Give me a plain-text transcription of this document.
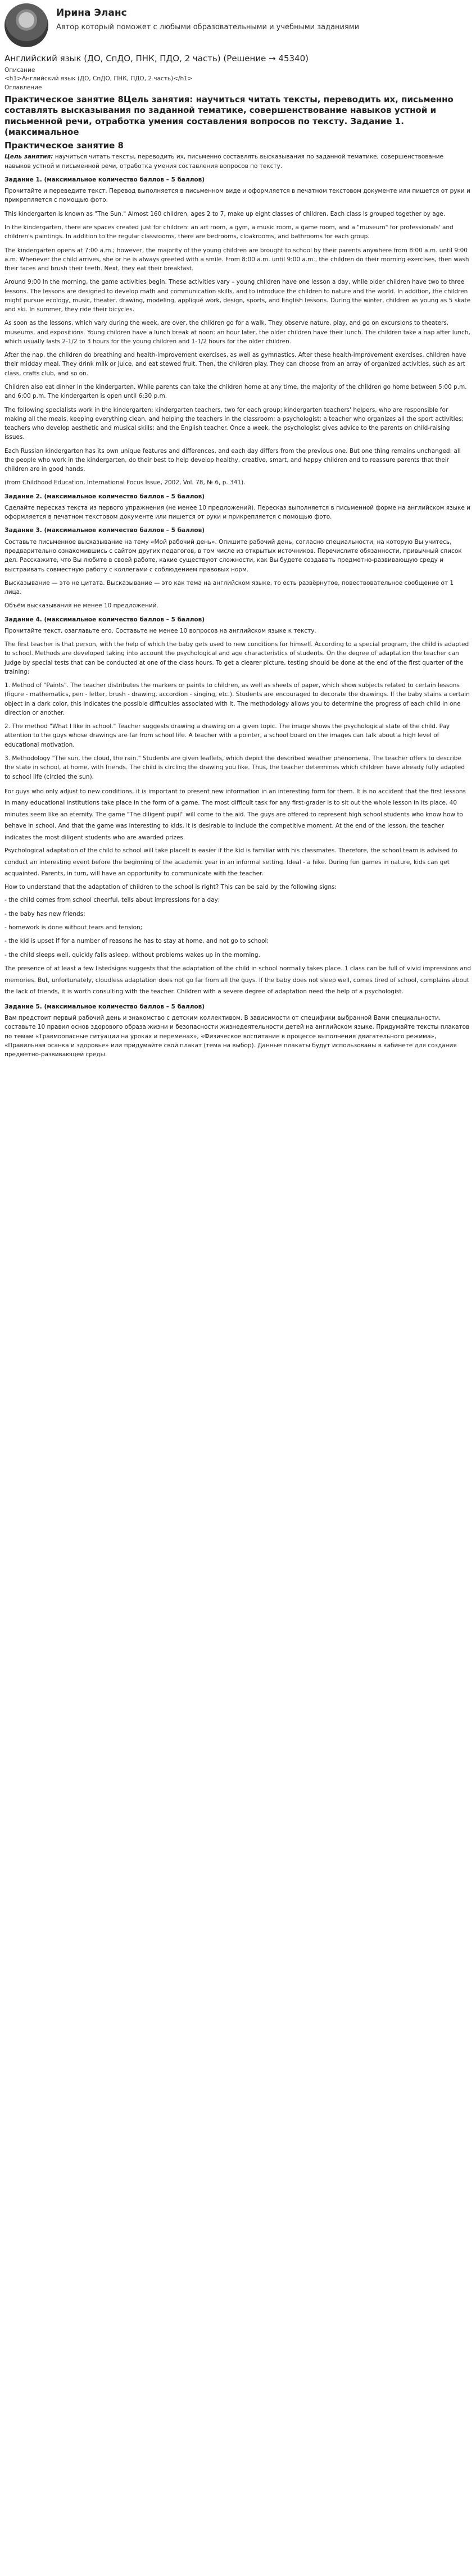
Ирина Эланс
Автор который поможет с любыми образовательными и учебными заданиями
Английский язык (ДО, СпДО, ПНК, ПДО, 2 часть) (Решение → 45340)
Описание
<h1>Английский язык (ДО, СпДО, ПНК, ПДО, 2 часть)</h1>
Оглавление
Практическое занятие 8Цель занятия: научиться читать тексты, переводить их, письменно составлять высказывания по заданной тематике, совершенствование навыков устной и письменной речи, отработка умения составления вопросов по тексту. Задание 1. (максимальное
Практическое занятие 8

Цель занятия: научиться читать тексты, переводить их, письменно составлять высказывания по заданной тематике, совершенствование навыков устной и письменной речи, отработка умения составления вопросов по тексту.

Задание 1. (максимальное количество баллов – 5 баллов)

Прочитайте и переведите текст. Перевод выполняется в письменном виде и оформляется в печатном текстовом документе или пишется от руки и прикрепляется с помощью фото.

This kindergarten is known as "The Sun." Almost 160 children, ages 2 to 7, make up eight classes of children. Each class is grouped together by age.

In the kindergarten, there are spaces created just for children: an art room, a gym, a music room, a game room, and a "museum" for professionals' and children's paintings. In addition to the regular classrooms, there are bedrooms, cloakrooms, and bathrooms for each group.

The kindergarten opens at 7:00 a.m.; however, the majority of the young children are brought to school by their parents anywhere from 8:00 a.m. until 9:00 a.m. Whenever the child arrives, she or he is always greeted with a smile. From 8:00 a.m. until 9:00 a.m., the children do their morning exercises, then wash their faces and brush their teeth. Next, they eat their breakfast.

Around 9:00 in the morning, the game activities begin. These activities vary – young children have one lesson a day, while older children have two to three lessons. The lessons are designed to develop math and communication skills, and to introduce the children to nature and the world. In addition, the children might pursue ecology, music, theater, drawing, modeling, appliqué work, design, sports, and English lessons. During the winter, children as young as 5 skate and ski. In summer, they ride their bicycles.

As soon as the lessons, which vary during the week, are over, the children go for a walk. They observe nature, play, and go on excursions to theaters, museums, and expositions. Young children have a lunch break at noon: an hour later, the older children have their lunch. The children take a nap after lunch, which usually lasts 2-1/2 to 3 hours for the young children and 1-1/2 hours for the older children.

After the nap, the children do breathing and health-improvement exercises, as well as gymnastics. After these health-improvement exercises, children have their midday meal. They drink milk or juice, and eat stewed fruit. Then, the children play. They can choose from an array of organized activities, such as art class, crafts club, and so on.

Children also eat dinner in the kindergarten. While parents can take the children home at any time, the majority of the children go home between 5:00 p.m. and 6:00 p.m. The kindergarten is open until 6:30 p.m.

The following specialists work in the kindergarten: kindergarten teachers, two for each group; kindergarten teachers' helpers, who are responsible for making all the meals, keeping everything clean, and helping the teachers in the classroom; a psychologist; a teacher who organizes all the sport activities; teachers who develop aesthetic and musical skills; and the English teacher. Once a week, the psychologist gives advice to the parents on child-raising issues.

Each Russian kindergarten has its own unique features and differences, and each day differs from the previous one. But one thing remains unchanged: all the people who work in the kindergarten, do their best to help develop healthy, creative, smart, and happy children and to reassure parents that their children are in good hands.

(from Childhood Education, International Focus Issue, 2002, Vol. 78, № 6, p. 341).

Задание 2. (максимальное количество баллов – 5 баллов)

Сделайте пересказ текста из первого упражнения (не менее 10 предложений). Пересказ выполняется в письменной форме на английском языке и оформляется в печатном текстовом документе или пишется от руки и прикрепляется с помощью фото.

Задание 3. (максимальное количество баллов – 5 баллов)

Составьте письменное высказывание на тему «Мой рабочий день». Опишите рабочий день, согласно специальности, на которую Вы учитесь, предварительно ознакомившись с сайтом других педагогов, в том числе из открытых источников. Перечислите обязанности, привычный список дел. Расскажите, что Вы любите в своей работе, какие существуют сложности, как Вы будете создавать предметно-развивающую среду и выстраивать совместную работу с коллегами с соблюдением правовых норм.

Высказывание — это не цитата. Высказывание — это как тема на английском языке, то есть развёрнутое, повествовательное сообщение от 1 лица.

Объём высказывания не менее 10 предложений.

Задание 4. (максимальное количество баллов – 5 баллов)

Прочитайте текст, озаглавьте его. Составьте не менее 10 вопросов на английском языке к тексту.

The first teacher is that person, with the help of which the baby gets used to new conditions for himself. According to a special program, the child is adapted to school. Methods are developed taking into account the psychological and age characteristics of students. On the degree of adaptation the teacher can judge by special tests that can be conducted at one of the class hours. To get a clearer picture, testing should be done at the end of the first quarter of the training:

1. Method of "Paints". The teacher distributes the markers or paints to children, as well as sheets of paper, which show subjects related to certain lessons (figure - mathematics, pen - letter, brush - drawing, accordion - singing, etc.). Students are encouraged to decorate the drawings. If the baby stains a certain object in a dark color, this indicates the possible difficulties associated with it. The methodology allows you to determine the progress of each child in one direction or another.

2. The method "What I like in school." Teacher suggests drawing a drawing on a given topic. The image shows the psychological state of the child. Pay attention to the guys whose drawings are far from school life. A teacher with a pointer, a school board on the images can talk about a high level of educational motivation.

3. Methodology "The sun, the cloud, the rain." Students are given leaflets, which depict the described weather phenomena. The teacher offers to describe the state in school, at home, with friends. The child is circling the drawing you like. Thus, the teacher determines which children have already fully adapted to school life (circled the sun).

For guys who only adjust to new conditions, it is important to present new information in an interesting form for them. It is no accident that the first lessons in many educational institutions take place in the form of a game. The most difficult task for any first-grader is to sit out the whole lesson in its place. 40 minutes seem like an eternity. The game "The diligent pupil" will come to the aid. The guys are offered to represent high school students who know how to behave in school. And that the game was interesting to kids, it is desirable to include the competitive moment. At the end of the lesson, the teacher indicates the most diligent students who are awarded prizes.

Psychological adaptation of the child to school will take placeIt is easier if the kid is familiar with his classmates. Therefore, the school team is advised to conduct an interesting event before the beginning of the academic year in an informal setting. Ideal - a hike. During fun games in nature, kids can get acquainted. Parents, in turn, will have an opportunity to communicate with the teacher.

How to understand that the adaptation of children to the school is right? This can be said by the following signs:

- the child comes from school cheerful, tells about impressions for a day;
- the baby has new friends;
- homework is done without tears and tension;
- the kid is upset if for a number of reasons he has to stay at home, and not go to school;
- the child sleeps well, quickly falls asleep, without problems wakes up in the morning.

The presence of at least a few listedsigns suggests that the adaptation of the child in school normally takes place. 1 class can be full of vivid impressions and memories. But, unfortunately, cloudless adaptation does not go far from all the guys. If the baby does not sleep well, comes tired of school, complains about the lack of friends, it is worth consulting with the teacher. Children with a severe degree of adaptation need the help of a psychologist.

Задание 5. (максимальное количество баллов – 5 баллов)

Вам предстоит первый рабочий день и знакомство с детским коллективом. В зависимости от специфики выбранной Вами специальности, составьте 10 правил основ здорового образа жизни и безопасности жизнедеятельности детей на английском языке. Придумайте тексты плакатов по темам «Травмоопасные ситуации на уроках и переменах», «Физическое воспитание в процессе выполнения двигательного режима», «Правильная осанка и здоровье» или придумайте свой плакат (тема на выбор). Данные плакаты будут использованы в кабинете для создания предметно-развивающей среды.
